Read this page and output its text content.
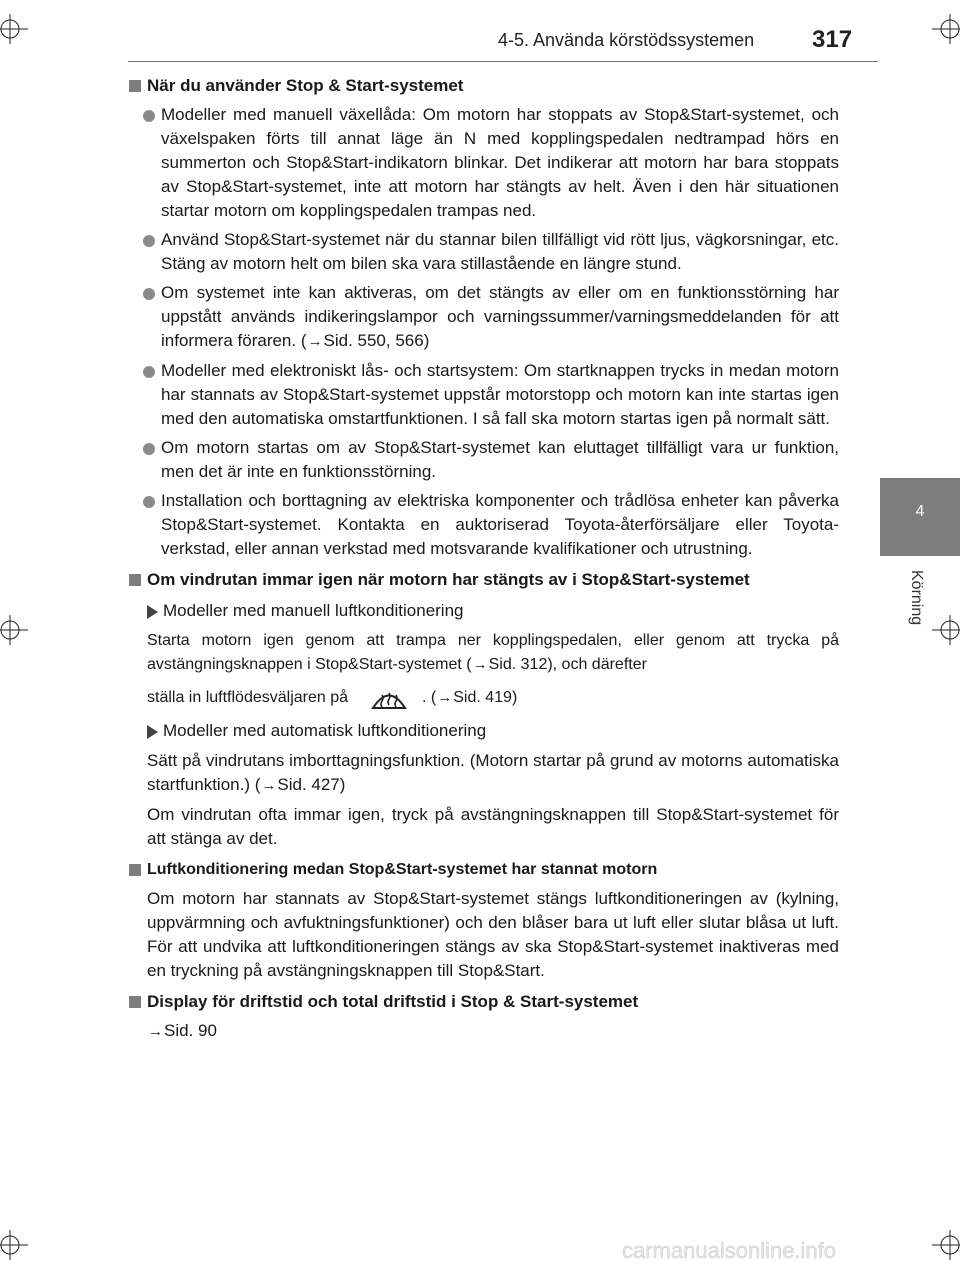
4-5. Använda körstödssystemen 317
4
Körning
När du använder Stop & Start-systemet
Modeller med manuell växellåda: Om motorn har stoppats av Stop&Start-systemet, och växelspaken förts till annat läge än N med kopplingspedalen nedtrampad hörs en summerton och Stop&Start-indikatorn blinkar. Det indikerar att motorn har bara stoppats av Stop&Start-systemet, inte att motorn har stängts av helt. Även i den här situationen startar motorn om kopplingspedalen trampas ned.
Använd Stop&Start-systemet när du stannar bilen tillfälligt vid rött ljus, vägkorsningar, etc. Stäng av motorn helt om bilen ska vara stillastående en längre stund.
Om systemet inte kan aktiveras, om det stängts av eller om en funktionsstörning har uppstått används indikeringslampor och varningssummer/varningsmeddelanden för att informera föraren. (→Sid. 550, 566)
Modeller med elektroniskt lås- och startsystem: Om startknappen trycks in medan motorn har stannats av Stop&Start-systemet uppstår motorstopp och motorn kan inte startas igen med den automatiska omstartfunktionen. I så fall ska motorn startas igen på normalt sätt.
Om motorn startas om av Stop&Start-systemet kan eluttaget tillfälligt vara ur funktion, men det är inte en funktionsstörning.
Installation och borttagning av elektriska komponenter och trådlösa enheter kan påverka Stop&Start-systemet. Kontakta en auktoriserad Toyota-återförsäljare eller Toyota-verkstad, eller annan verkstad med motsvarande kvalifikationer och utrustning.
Om vindrutan immar igen när motorn har stängts av i Stop&Start-systemet
Modeller med manuell luftkonditionering
Starta motorn igen genom att trampa ner kopplingspedalen, eller genom att trycka på avstängningsknappen i Stop&Start-systemet (→Sid. 312), och därefter
ställa in luftflödesväljaren på	. (→Sid. 419)
Modeller med automatisk luftkonditionering
Sätt på vindrutans imborttagningsfunktion. (Motorn startar på grund av motorns automatiska startfunktion.) (→Sid. 427)
Om vindrutan ofta immar igen, tryck på avstängningsknappen till Stop&Start-systemet för att stänga av det.
Luftkonditionering medan Stop&Start-systemet har stannat motorn
Om motorn har stannats av Stop&Start-systemet stängs luftkonditioneringen av (kylning, uppvärmning och avfuktningsfunktioner) och den blåser bara ut luft eller slutar blåsa ut luft. För att undvika att luftkonditioneringen stängs av ska Stop&Start-systemet inaktiveras med en tryckning på avstängningsknappen till Stop&Start.
Display för driftstid och total driftstid i Stop & Start-systemet
→Sid. 90
carmanualsonline.info
